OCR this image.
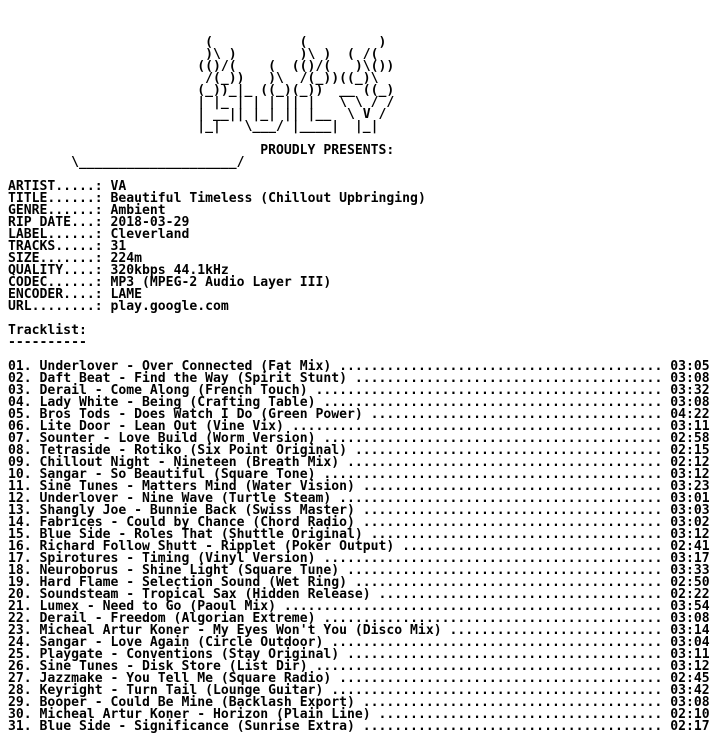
(           (         )
)\ )        )\ )  ( /(
(()/(    (  (()/(   )\())
/(_))   )\  /(_))((_)\
(_))_|_ ((_)(_))  __ ((_)
| |_ | | | || |   \ \ / /
| __|| |_| || |__  \ V /
|_|   \___/ |____|  |_|
PROUDLY PRESENTS:
\____________________/
ARTIST.....: VA
TITLE......: Beautiful Timeless (Chillout Upbringing)
GENRE......: Ambient
RIP DATE...: 2018-03-29
LABEL......: Cleverland
TRACKS.....: 31
SIZE.......: 224m
QUALITY....: 320kbps 44.1kHz
CODEC......: MP3 (MPEG-2 Audio Layer III)
ENCODER....: LAME
URL........: play.google.com
Tracklist:
----------
01. Underlover - Over Connected (Fat Mix) ......................................... 03:05
02. Daft Beat - Find the Way (Spirit Stunt) ....................................... 03:08
03. Derail - Come Along (French Touch) ............................................ 03:32
04. Lady White - Being (Crafting Table) ........................................... 03:08
05. Bros Tods - Does Watch I Do (Green Power) ..................................... 04:22
06. Lite Door - Lean Out (Vine Vix) ............................................... 03:11
07. Sounter - Love Build (Worm Version) ........................................... 02:58
08. Tetraside - Rotiko (Six Point Original) ....................................... 02:15
09. Chillout Night - Nineteen (Breath Mix) ........................................ 02:12
10. Sangar - So Beautiful (Square Tone) ........................................... 03:12
11. Sine Tunes - Matters Mind (Water Vision) ...................................... 03:23
12. Underlover - Nine Wave (Turtle Steam) ......................................... 03:01
13. Shangly Joe - Bunnie Back (Swiss Master) ...................................... 03:03
14. Fabrices - Could by Chance (Chord Radio) ...................................... 03:02
15. Blue Side - Roles That (Shuttle Original) ..................................... 03:12
16. Richard Follow Shutt - Ripplet (Poker Output) ................................. 02:41
17. Spirotures - Timing (Vinyl Version) ........................................... 03:17
18. Neuroborus - Shine Light (Square Tune) ........................................ 03:33
19. Hard Flame - Selection Sound (Wet Ring) ....................................... 02:50
20. Soundsteam - Tropical Sax (Hidden Release) .................................... 02:22
21. Lumex - Need to Go (Paoul Mix) ................................................ 03:54
22. Derail - Freedom (Algorian Extreme) ........................................... 03:08
23. Micheal Artur Koner - My Eyes Won't You (Disco Mix) ........................... 03:14
24. Sangar - Love Again (Circle Outdoor) .......................................... 03:04
25. Playgate - Conventions (Stay Original) ........................................ 03:11
26. Sine Tunes - Disk Store (List Dir) ............................................ 03:12
27. Jazzmake - You Tell Me (Square Radio) ......................................... 02:45
28. Keyright - Turn Tail (Lounge Guitar) .......................................... 03:42
29. Booper - Could Be Mine (Backlash Export) ...................................... 03:08
30. Micheal Artur Koner - Horizon (Plain Line) .................................... 02:10
31. Blue Side - Significance (Sunrise Extra) ...................................... 02:17
